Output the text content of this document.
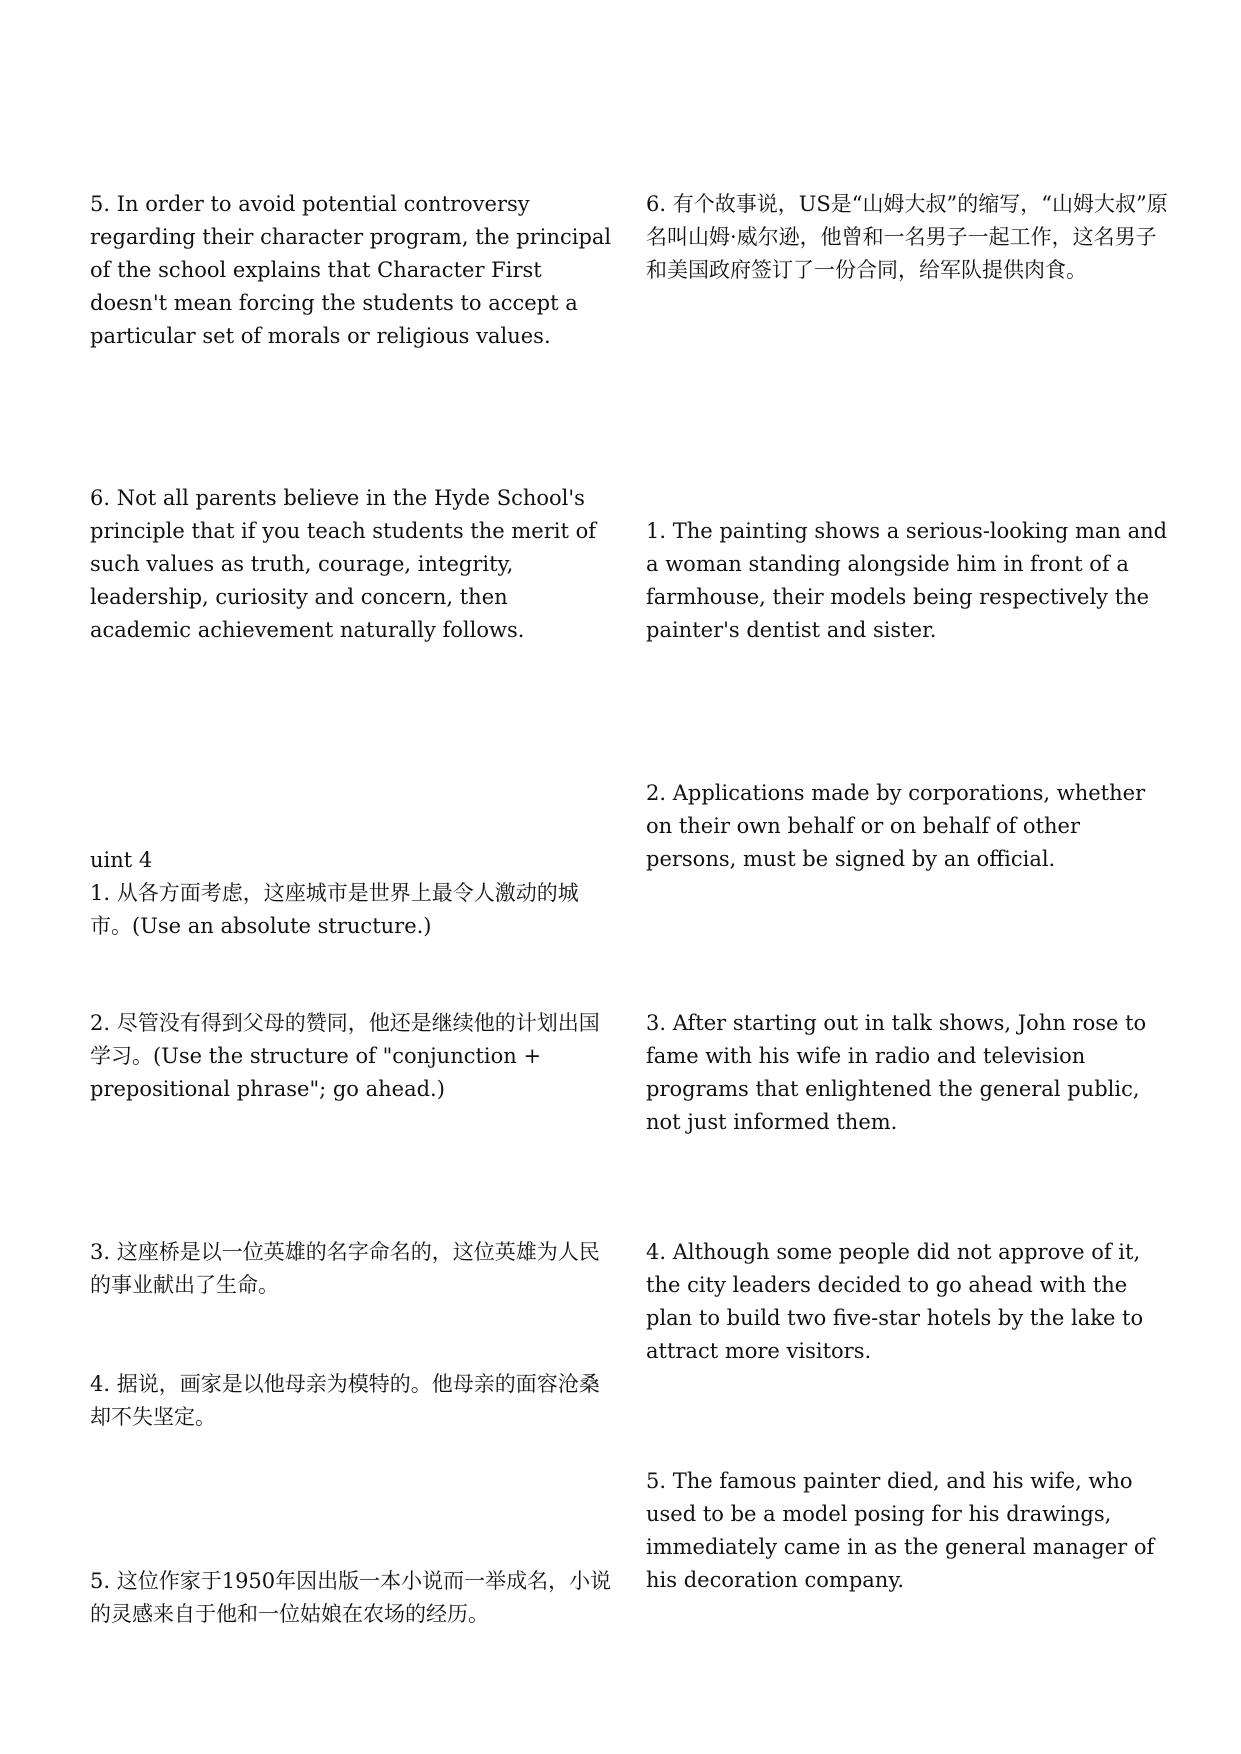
5. In order to avoid potential controversy regarding their character program, the principal of the school explains that Character First doesn't mean forcing the students to accept a particular set of morals or religious values.

6. Not all parents believe in the Hyde School's principle that if you teach students the merit of such values as truth, courage, integrity, leadership, curiosity and concern, then academic achievement naturally follows.

uint 4

1. 从各方面考虑，这座城市是世界上最令人激动的城市。(Use an absolute structure.)

2. 尽管没有得到父母的赞同，他还是继续他的计划出国学习。(Use the structure of "conjunction + prepositional phrase"; go ahead.)

3. 这座桥是以一位英雄的名字命名的，这位英雄为人民的事业献出了生命。

4. 据说，画家是以他母亲为模特的。他母亲的面容沧桑却不失坚定。

5. 这位作家于1950年因出版一本小说而一举成名，小说的灵感来自于他和一位姑娘在农场的经历。

6. 有个故事说，US是“山姆大叔”的缩写，“山姆大叔”原名叫山姆·威尔逊，他曾和一名男子一起工作，这名男子和美国政府签订了一份合同，给军队提供肉食。

1. The painting shows a serious-looking man and a woman standing alongside him in front of a farmhouse, their models being respectively the painter's dentist and sister.

2. Applications made by corporations, whether on their own behalf or on behalf of other persons, must be signed by an official.

3. After starting out in talk shows, John rose to fame with his wife in radio and television programs that enlightened the general public, not just informed them.

4. Although some people did not approve of it, the city leaders decided to go ahead with the plan to build two five-star hotels by the lake to attract more visitors.

5. The famous painter died, and his wife, who used to be a model posing for his drawings, immediately came in as the general manager of his decoration company.
